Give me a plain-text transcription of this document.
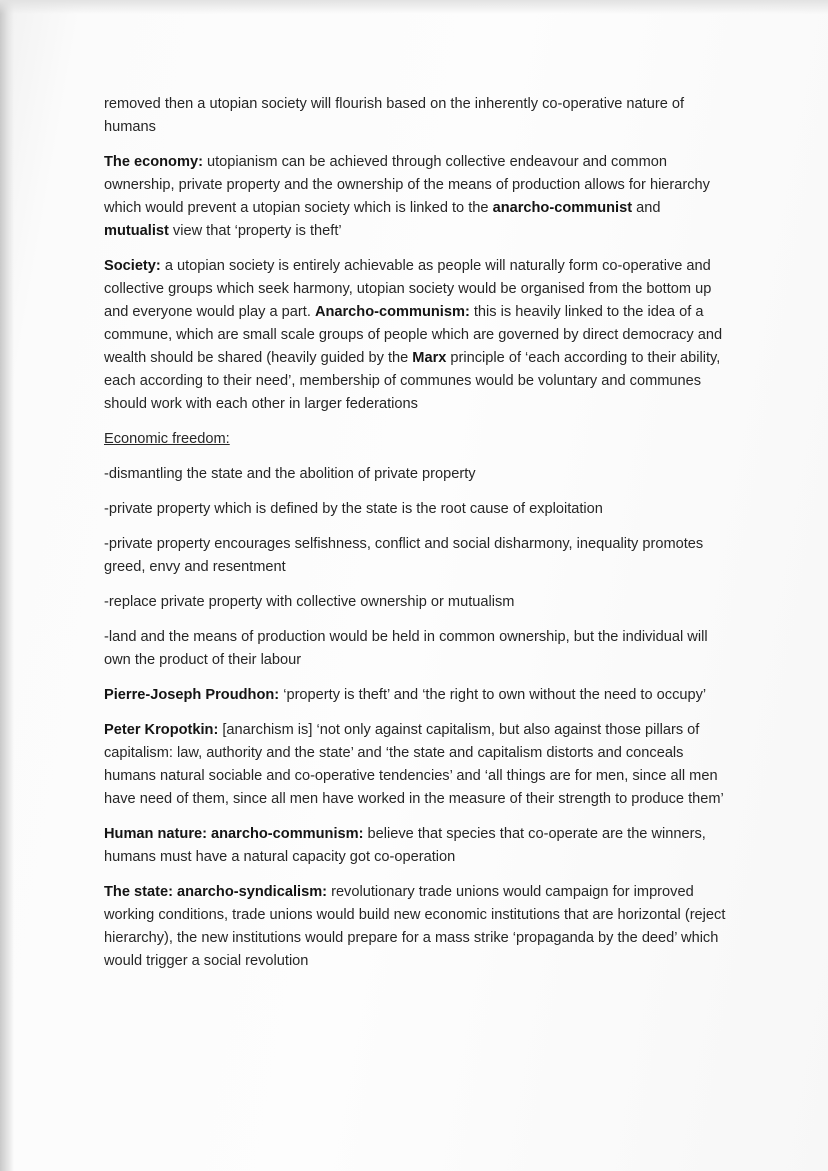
removed then a utopian society will flourish based on the inherently co-operative nature of humans

The economy: utopianism can be achieved through collective endeavour and common ownership, private property and the ownership of the means of production allows for hierarchy which would prevent a utopian society which is linked to the anarcho-communist and mutualist view that ‘property is theft’

Society: a utopian society is entirely achievable as people will naturally form co-operative and collective groups which seek harmony, utopian society would be organised from the bottom up and everyone would play a part. Anarcho-communism: this is heavily linked to the idea of a commune, which are small scale groups of people which are governed by direct democracy and wealth should be shared (heavily guided by the Marx principle of ‘each according to their ability, each according to their need’, membership of communes would be voluntary and communes should work with each other in larger federations

Economic freedom:

-dismantling the state and the abolition of private property

-private property which is defined by the state is the root cause of exploitation

-private property encourages selfishness, conflict and social disharmony, inequality promotes greed, envy and resentment

-replace private property with collective ownership or mutualism

-land and the means of production would be held in common ownership, but the individual will own the product of their labour

Pierre-Joseph Proudhon: ‘property is theft’ and ‘the right to own without the need to occupy’

Peter Kropotkin: [anarchism is] ‘not only against capitalism, but also against those pillars of capitalism: law, authority and the state’ and ‘the state and capitalism distorts and conceals humans natural sociable and co-operative tendencies’ and ‘all things are for men, since all men have need of them, since all men have worked in the measure of their strength to produce them’

Human nature: anarcho-communism: believe that species that co-operate are the winners, humans must have a natural capacity got co-operation

The state: anarcho-syndicalism: revolutionary trade unions would campaign for improved working conditions, trade unions would build new economic institutions that are horizontal (reject hierarchy), the new institutions would prepare for a mass strike ‘propaganda by the deed’ which would trigger a social revolution
